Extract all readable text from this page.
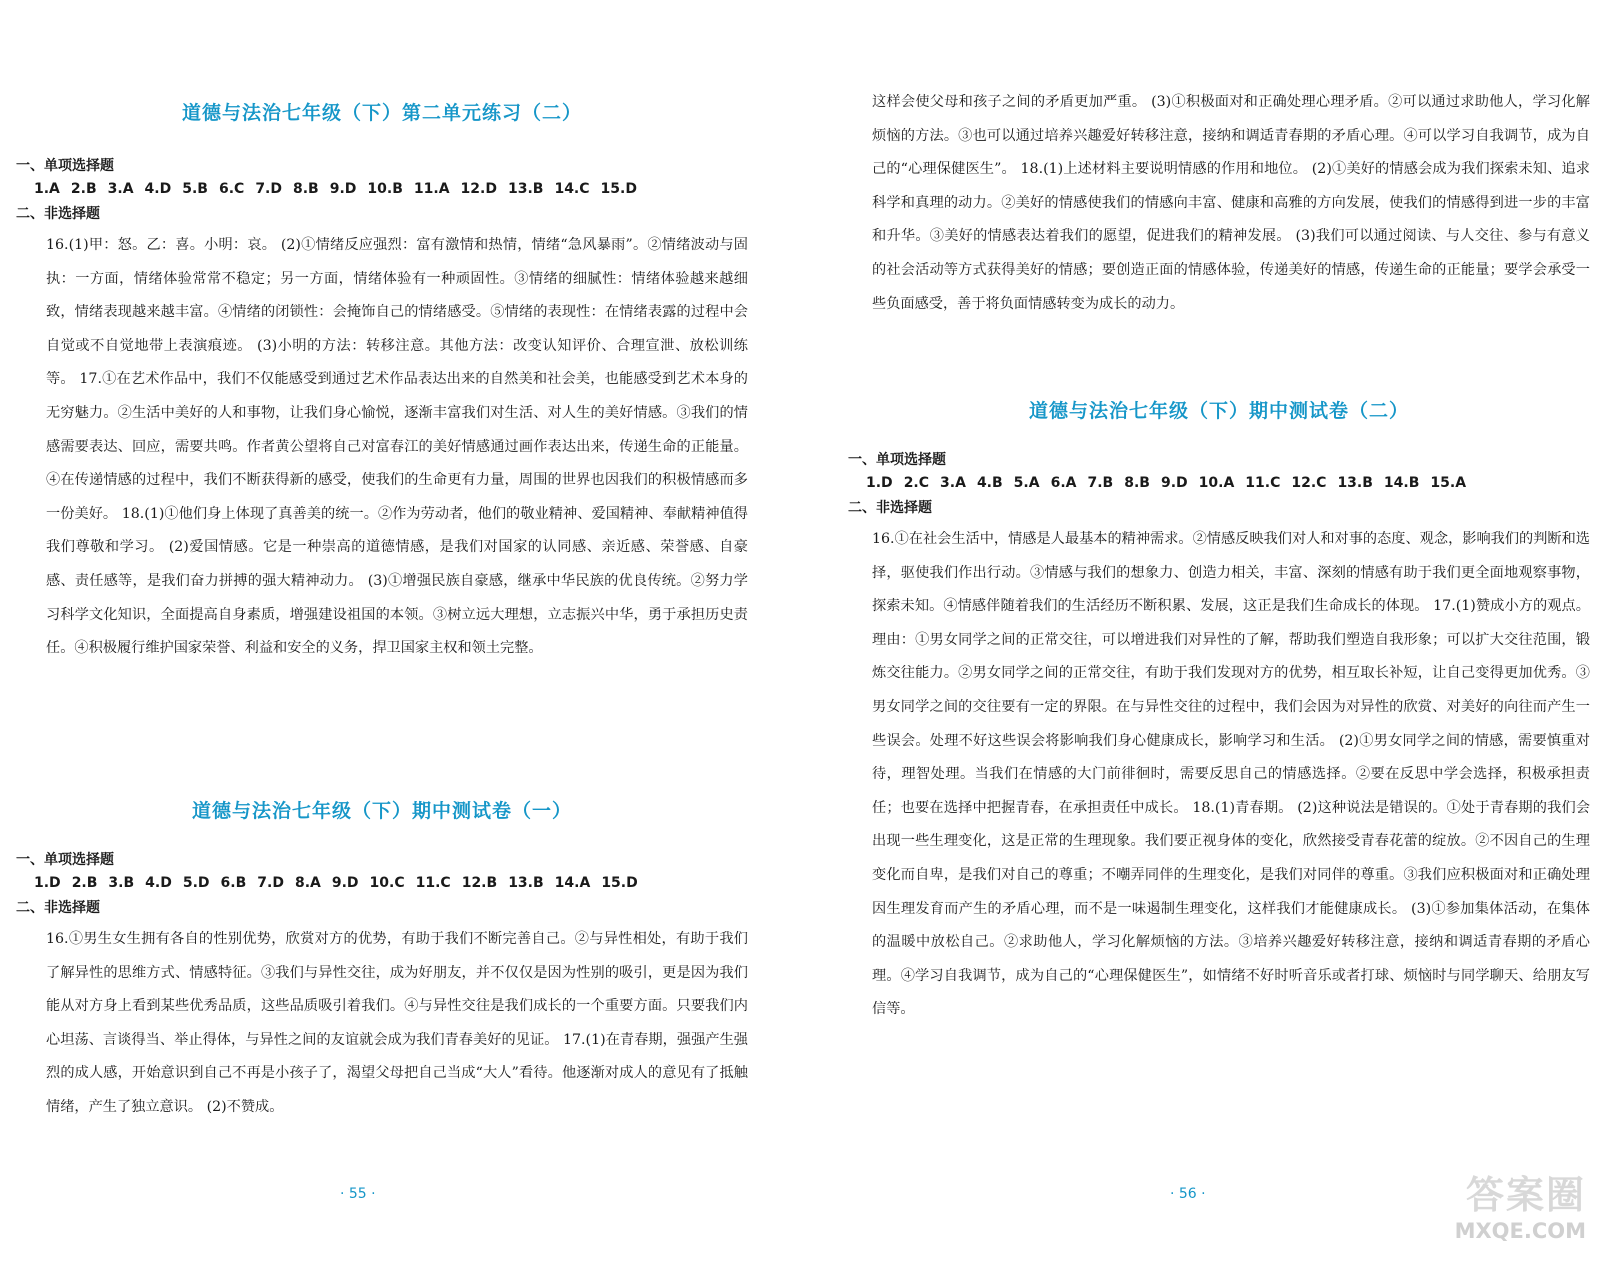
道德与法治七年级（下）第二单元练习（二）
一、单项选择题
1.A 2.B 3.A 4.D 5.B 6.C 7.D 8.B 9.D 10.B 11.A 12.D 13.B 14.C 15.D
二、非选择题

16.(1)甲：怒。乙：喜。小明：哀。 (2)①情绪反应强烈：富有激情和热情，情绪“急风暴雨”。②情绪波动与固执：一方面，情绪体验常常不稳定；另一方面，情绪体验有一种顽固性。③情绪的细腻性：情绪体验越来越细致，情绪表现越来越丰富。④情绪的闭锁性：会掩饰自己的情绪感受。⑤情绪的表现性：在情绪表露的过程中会自觉或不自觉地带上表演痕迹。 (3)小明的方法：转移注意。其他方法：改变认知评价、合理宣泄、放松训练等。 17.①在艺术作品中，我们不仅能感受到通过艺术作品表达出来的自然美和社会美，也能感受到艺术本身的无穷魅力。②生活中美好的人和事物，让我们身心愉悦，逐渐丰富我们对生活、对人生的美好情感。③我们的情感需要表达、回应，需要共鸣。作者黄公望将自己对富春江的美好情感通过画作表达出来，传递生命的正能量。④在传递情感的过程中，我们不断获得新的感受，使我们的生命更有力量，周围的世界也因我们的积极情感而多一份美好。 18.(1)①他们身上体现了真善美的统一。②作为劳动者，他们的敬业精神、爱国精神、奉献精神值得我们尊敬和学习。 (2)爱国情感。它是一种崇高的道德情感，是我们对国家的认同感、亲近感、荣誉感、自豪感、责任感等，是我们奋力拼搏的强大精神动力。 (3)①增强民族自豪感，继承中华民族的优良传统。②努力学习科学文化知识，全面提高自身素质，增强建设祖国的本领。③树立远大理想，立志振兴中华，勇于承担历史责任。④积极履行维护国家荣誉、利益和安全的义务，捍卫国家主权和领土完整。

道德与法治七年级（下）期中测试卷（一）
一、单项选择题
1.D 2.B 3.B 4.D 5.D 6.B 7.D 8.A 9.D 10.C 11.C 12.B 13.B 14.A 15.D
二、非选择题

16.①男生女生拥有各自的性别优势，欣赏对方的优势，有助于我们不断完善自己。②与异性相处，有助于我们了解异性的思维方式、情感特征。③我们与异性交往，成为好朋友，并不仅仅是因为性别的吸引，更是因为我们能从对方身上看到某些优秀品质，这些品质吸引着我们。④与异性交往是我们成长的一个重要方面。只要我们内心坦荡、言谈得当、举止得体，与异性之间的友谊就会成为我们青春美好的见证。 17.(1)在青春期，强强产生强烈的成人感，开始意识到自己不再是小孩子了，渴望父母把自己当成“大人”看待。他逐渐对成人的意见有了抵触情绪，产生了独立意识。 (2)不赞成。

· 55 ·

这样会使父母和孩子之间的矛盾更加严重。 (3)①积极面对和正确处理心理矛盾。②可以通过求助他人，学习化解烦恼的方法。③也可以通过培养兴趣爱好转移注意，接纳和调适青春期的矛盾心理。④可以学习自我调节，成为自己的“心理保健医生”。 18.(1)上述材料主要说明情感的作用和地位。 (2)①美好的情感会成为我们探索未知、追求科学和真理的动力。②美好的情感使我们的情感向丰富、健康和高雅的方向发展，使我们的情感得到进一步的丰富和升华。③美好的情感表达着我们的愿望，促进我们的精神发展。 (3)我们可以通过阅读、与人交往、参与有意义的社会活动等方式获得美好的情感；要创造正面的情感体验，传递美好的情感，传递生命的正能量；要学会承受一些负面感受，善于将负面情感转变为成长的动力。

道德与法治七年级（下）期中测试卷（二）
一、单项选择题
1.D 2.C 3.A 4.B 5.A 6.A 7.B 8.B 9.D 10.A 11.C 12.C 13.B 14.B 15.A
二、非选择题

16.①在社会生活中，情感是人最基本的精神需求。②情感反映我们对人和对事的态度、观念，影响我们的判断和选择，驱使我们作出行动。③情感与我们的想象力、创造力相关，丰富、深刻的情感有助于我们更全面地观察事物，探索未知。④情感伴随着我们的生活经历不断积累、发展，这正是我们生命成长的体现。 17.(1)赞成小方的观点。理由：①男女同学之间的正常交往，可以增进我们对异性的了解，帮助我们塑造自我形象；可以扩大交往范围，锻炼交往能力。②男女同学之间的正常交往，有助于我们发现对方的优势，相互取长补短，让自己变得更加优秀。③男女同学之间的交往要有一定的界限。在与异性交往的过程中，我们会因为对异性的欣赏、对美好的向往而产生一些误会。处理不好这些误会将影响我们身心健康成长，影响学习和生活。 (2)①男女同学之间的情感，需要慎重对待，理智处理。当我们在情感的大门前徘徊时，需要反思自己的情感选择。②要在反思中学会选择，积极承担责任；也要在选择中把握青春，在承担责任中成长。 18.(1)青春期。 (2)这种说法是错误的。①处于青春期的我们会出现一些生理变化，这是正常的生理现象。我们要正视身体的变化，欣然接受青春花蕾的绽放。②不因自己的生理变化而自卑，是我们对自己的尊重；不嘲弄同伴的生理变化，是我们对同伴的尊重。③我们应积极面对和正确处理因生理发育而产生的矛盾心理，而不是一味遏制生理变化，这样我们才能健康成长。 (3)①参加集体活动，在集体的温暖中放松自己。②求助他人，学习化解烦恼的方法。③培养兴趣爱好转移注意，接纳和调适青春期的矛盾心理。④学习自我调节，成为自己的“心理保健医生”，如情绪不好时听音乐或者打球、烦恼时与同学聊天、给朋友写信等。

· 56 ·	答案圈
MXQE.COM
